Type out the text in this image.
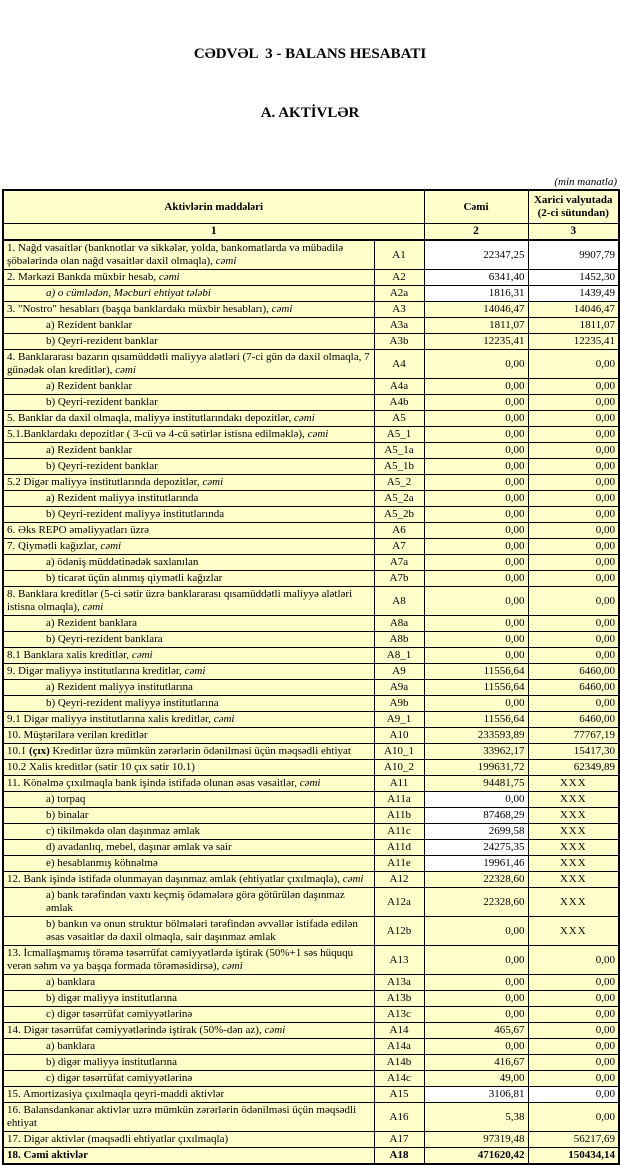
CƏDVƏL  3 - BALANS HESABATI

A. AKTİVLƏR

(min manatla)
Aktivlərin maddələri		Cəmi	Xarici valyutada (2-ci sütundan)
1		2	3
1. Nağd vəsaitlər (banknotlar və sikkələr, yolda, bankomatlarda və mübadilə şöbələrində olan nağd vəsaitlər daxil olmaqla), cəmi	A1	22347,25	9907,79
2. Mərkəzi Bankda müxbir hesab, cəmi	A2	6341,40	1452,30
a) o cümlədən, Məcburi ehtiyat tələbi	A2a	1816,31	1439,49
3. "Nostro" hesabları (başqa banklardakı müxbir hesabları), cəmi	A3	14046,47	14046,47
a) Rezident banklar	A3a	1811,07	1811,07
b) Qeyri-rezident banklar	A3b	12235,41	12235,41
4. Banklararası bazarın qısamüddətli maliyyə alətləri (7-ci gün də daxil olmaqla, 7 günədək olan kreditlər), cəmi	A4	0,00	0,00
a) Rezident banklar	A4a	0,00	0,00
b) Qeyri-rezident banklar	A4b	0,00	0,00
5. Banklar da daxil olmaqla, maliyyə institutlarındakı depozitlər, cəmi	A5	0,00	0,00
5.1.Banklardakı depozitlər ( 3-cü və 4-cü sətirlər istisna edilməklə), cəmi	A5_1	0,00	0,00
a) Rezident banklar	A5_1a	0,00	0,00
b) Qeyri-rezident banklar	A5_1b	0,00	0,00
5.2 Digər maliyyə institutlarında depozitlər, cəmi	A5_2	0,00	0,00
a) Rezident maliyyə institutlarında	A5_2a	0,00	0,00
b) Qeyri-rezident maliyyə institutlarında	A5_2b	0,00	0,00
6. Əks REPO əməliyyatları üzrə	A6	0,00	0,00
7. Qiymətli kağızlar, cəmi	A7	0,00	0,00
a) ödəniş müddətinədək saxlanılan	A7a	0,00	0,00
b) ticarət üçün alınmış qiymətli kağızlar	A7b	0,00	0,00
8. Banklara kreditlər (5-ci sətir üzrə banklararası qısamüddətli maliyyə alətləri istisna olmaqla), cəmi	A8	0,00	0,00
a) Rezident banklara	A8a	0,00	0,00
b) Qeyri-rezident banklara	A8b	0,00	0,00
8.1 Banklara xalis kreditlər, cəmi	A8_1	0,00	0,00
9. Digər maliyyə institutlarına kreditlər, cəmi	A9	11556,64	6460,00
a) Rezident maliyyə institutlarına	A9a	11556,64	6460,00
b) Qeyri-rezident maliyyə institutlarına	A9b	0,00	0,00
9.1 Digər maliyyə institutlarına xalis kreditlər, cəmi	A9_1	11556,64	6460,00
10. Müştərilərə verilən kreditlər	A10	233593,89	77767,19
10.1 (çıx) Kreditlər üzrə mümkün zərərlərin ödənilməsi üçün məqsədli ehtiyat	A10_1	33962,17	15417,30
10.2 Xalis kreditlər (sətir 10 çıx sətir 10.1)	A10_2	199631,72	62349,89
11. Könəlmə çıxılmaqla bank işində istifadə olunan əsas vəsaitlər, cəmi	A11	94481,75	XXX
a) torpaq	A11a	0,00	XXX
b) binalar	A11b	87468,29	XXX
c) tikilməkdə olan daşınmaz əmlak	A11c	2699,58	XXX
d) avadanlıq, mebel, daşınar əmlak və sair	A11d	24275,35	XXX
e) hesablanmış köhnəlmə	A11e	19961,46	XXX
12. Bank işində istifadə olunmayan daşınmaz əmlak (ehtiyatlar çıxılmaqla), cəmi	A12	22328,60	XXX
a) bank tərəfindən vaxtı keçmiş ödəmələrə görə götürülən daşınmaz əmlak	A12a	22328,60	XXX
b) bankın və onun struktur bölmələri tərəfindən əvvəllər istifadə edilən əsas vəsaitlər də daxil olmaqla, sair daşınmaz əmlak	A12b	0,00	XXX
13. İcmallaşmamış törəmə təsərrüfat cəmiyyətlərdə iştirak (50%+1 səs hüququ verən səhm və ya başqa formada törəməsidirsə), cəmi	A13	0,00	0,00
a) banklara	A13a	0,00	0,00
b) digər maliyyə institutlarına	A13b	0,00	0,00
c) digər təsərrüfat cəmiyyətlərinə	A13c	0,00	0,00
14. Digər təsərrüfat cəmiyyətlərində iştirak (50%-dən az), cəmi	A14	465,67	0,00
a) banklara	A14a	0,00	0,00
b) digər maliyyə institutlarına	A14b	416,67	0,00
c) digər təsərrüfat cəmiyyətlərinə	A14c	49,00	0,00
15. Amortizasiya çıxılmaqla qeyri-maddi aktivlər	A15	3106,81	0,00
16. Balansdankənar aktivlər uzrə mümkün zərərlərin ödənilməsi üçün məqsədli ehtiyat	A16	5,38	0,00
17. Digər aktivlər (məqsədli ehtiyatlar çıxılmaqla)	A17	97319,48	56217,69
18. Cəmi aktivlər	A18	471620,42	150434,14
